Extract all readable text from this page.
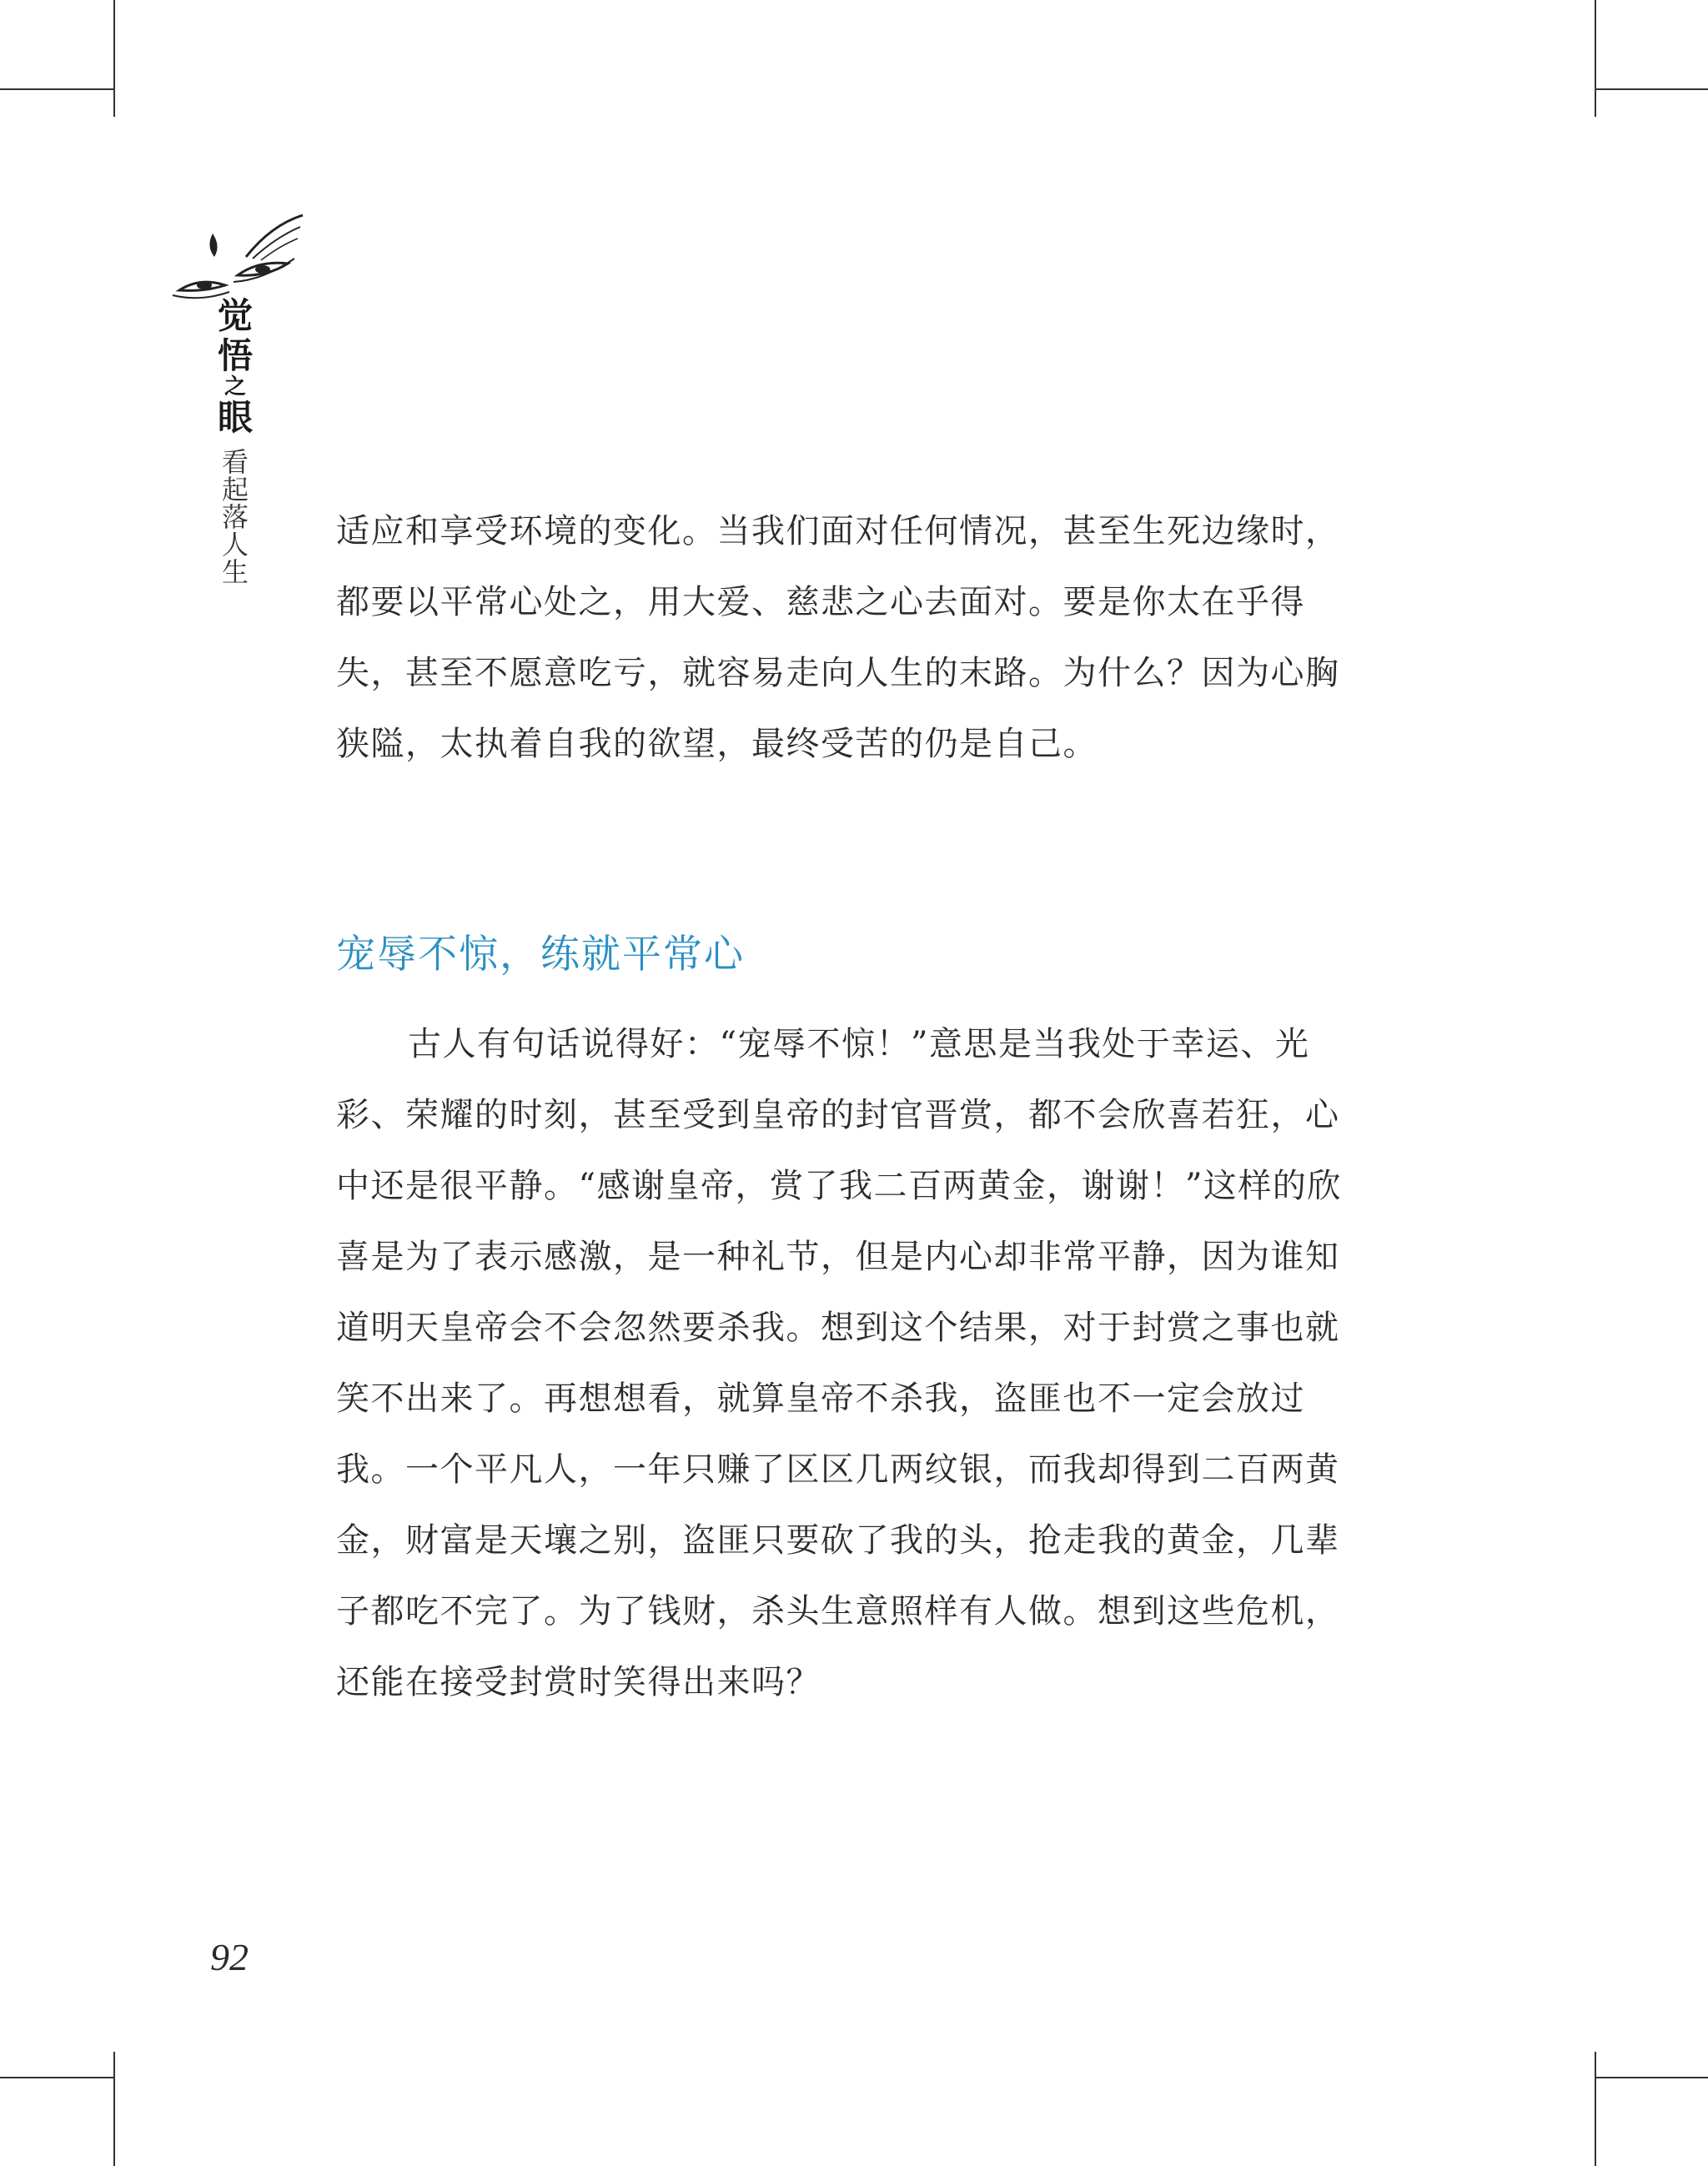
觉
悟
之
眼
看起落人生

适应和享受环境的变化。当我们面对任何情况，甚至生死边缘时，都要以平常心处之，用大爱、慈悲之心去面对。要是你太在乎得失，甚至不愿意吃亏，就容易走向人生的末路。为什么？因为心胸狭隘，太执着自我的欲望，最终受苦的仍是自己。

宠辱不惊，练就平常心

古人有句话说得好：“宠辱不惊！”意思是当我处于幸运、光彩、荣耀的时刻，甚至受到皇帝的封官晋赏，都不会欣喜若狂，心中还是很平静。“感谢皇帝，赏了我二百两黄金，谢谢！”这样的欣喜是为了表示感激，是一种礼节，但是内心却非常平静，因为谁知道明天皇帝会不会忽然要杀我。想到这个结果，对于封赏之事也就笑不出来了。再想想看，就算皇帝不杀我，盗匪也不一定会放过我。一个平凡人，一年只赚了区区几两纹银，而我却得到二百两黄金，财富是天壤之别，盗匪只要砍了我的头，抢走我的黄金，几辈子都吃不完了。为了钱财，杀头生意照样有人做。想到这些危机，还能在接受封赏时笑得出来吗？

92
